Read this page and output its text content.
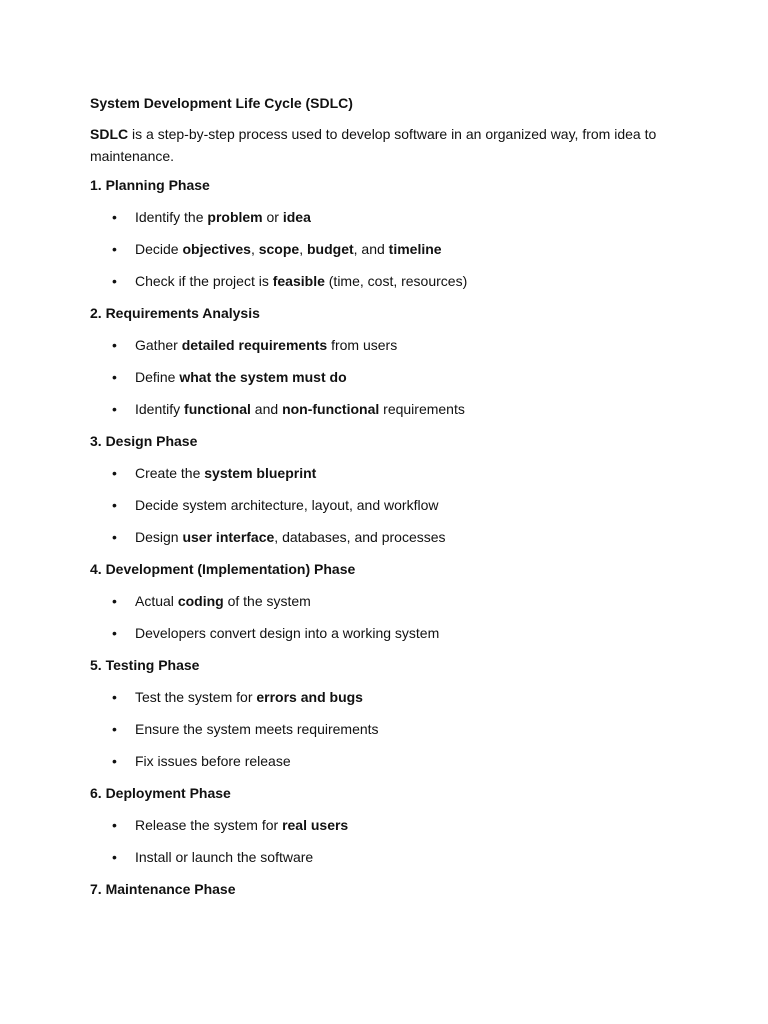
System Development Life Cycle (SDLC)

SDLC is a step-by-step process used to develop software in an organized way, from idea to maintenance.

1. Planning Phase
• Identify the problem or idea
• Decide objectives, scope, budget, and timeline
• Check if the project is feasible (time, cost, resources)
2. Requirements Analysis
• Gather detailed requirements from users
• Define what the system must do
• Identify functional and non-functional requirements
3. Design Phase
• Create the system blueprint
• Decide system architecture, layout, and workflow
• Design user interface, databases, and processes
4. Development (Implementation) Phase
• Actual coding of the system
• Developers convert design into a working system
5. Testing Phase
• Test the system for errors and bugs
• Ensure the system meets requirements
• Fix issues before release
6. Deployment Phase
• Release the system for real users
• Install or launch the software
7. Maintenance Phase
